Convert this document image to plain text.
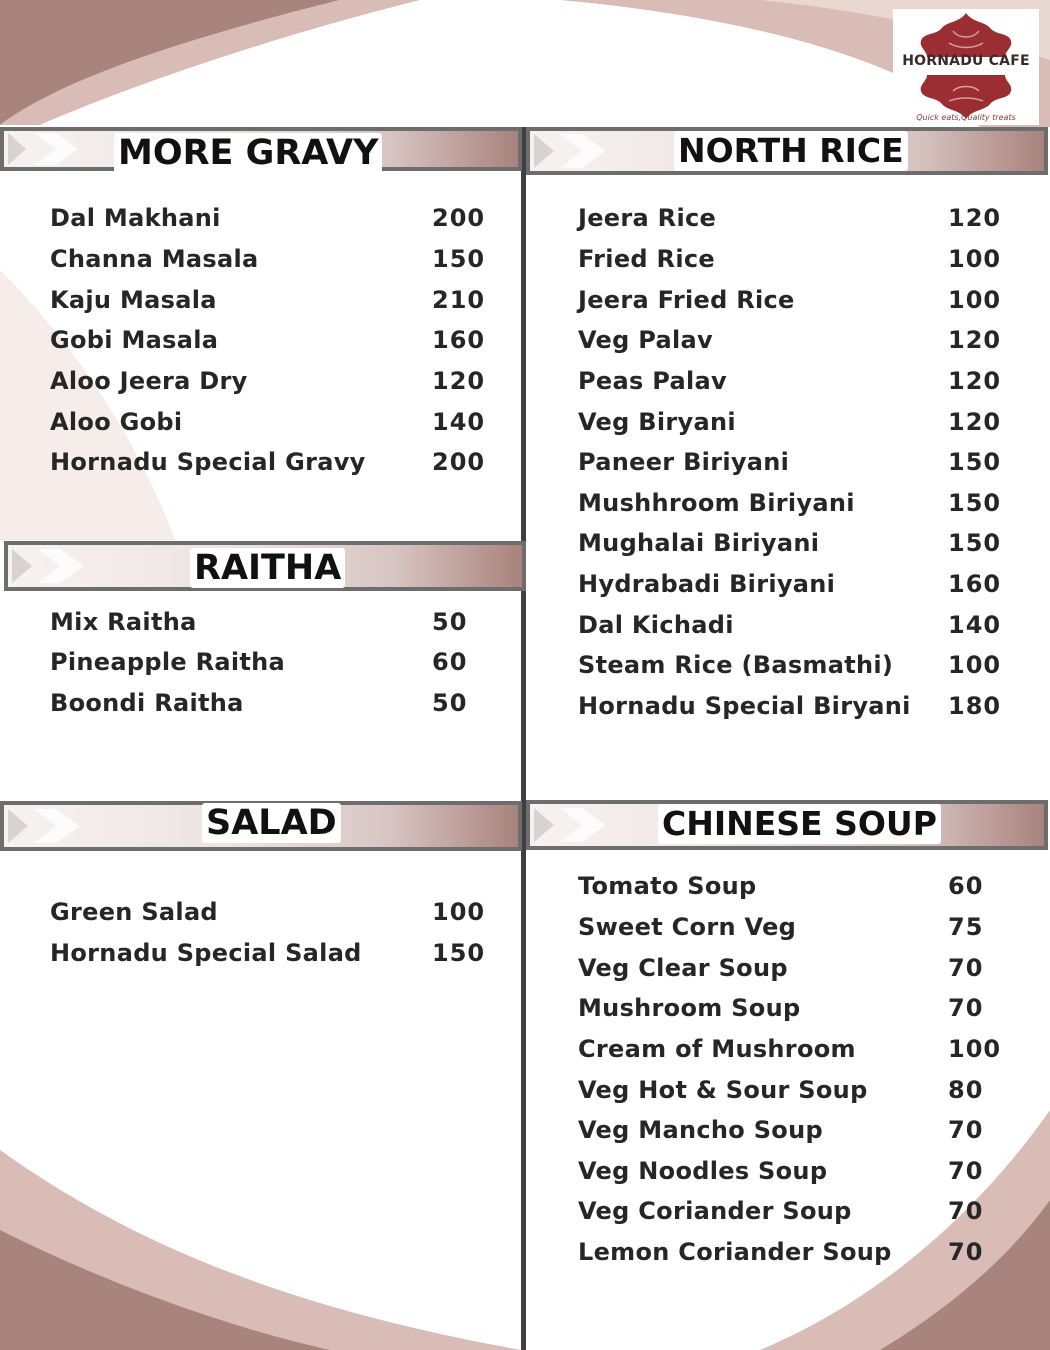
HORNADU CAFE
Quick eats,Quality treats
MORE GRAVY
Dal Makhani	200
Channa Masala	150
Kaju Masala	210
Gobi Masala	160
Aloo Jeera Dry	120
Aloo Gobi	140
Hornadu Special Gravy	200
RAITHA
Mix Raitha	50
Pineapple Raitha	60
Boondi Raitha	50
SALAD
Green Salad	100
Hornadu Special Salad	150
NORTH RICE
Jeera Rice	120
Fried Rice	100
Jeera Fried Rice	100
Veg Palav	120
Peas Palav	120
Veg Biryani	120
Paneer Biriyani	150
Mushhroom Biriyani	150
Mughalai Biriyani	150
Hydrabadi Biriyani	160
Dal Kichadi	140
Steam Rice (Basmathi) 100
Hornadu Special Biryani 180
CHINESE SOUP
Tomato Soup	60
Sweet Corn Veg	75
Veg Clear Soup	70
Mushroom Soup	70
Cream of Mushroom	100
Veg Hot & Sour Soup	80
Veg Mancho Soup	70
Veg Noodles Soup	70
Veg Coriander Soup	70
Lemon Coriander Soup 70
